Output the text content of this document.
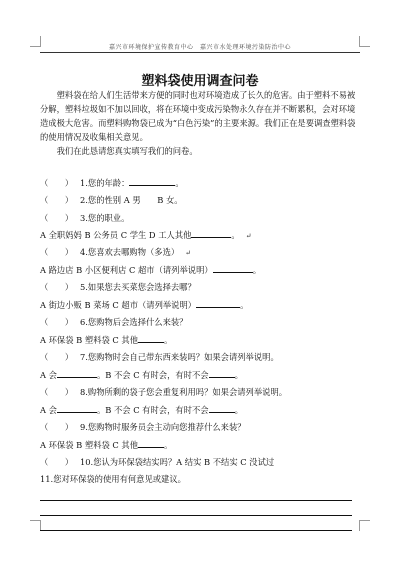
嘉兴市环境保护宣传教育中心　嘉兴市水处理环境污染防治中心
塑料袋使用调查问卷

塑料袋在给人们生活带来方便的同时也对环境造成了长久的危害。由于塑料不易被分解，塑料垃圾如不加以回收，将在环境中变成污染物永久存在并不断累积，会对环境造成极大危害。而塑料购物袋已成为“白色污染”的主要来源。我们正在是要调查塑料袋的使用情况及收集相关意见。

我们在此恳请您真实填写我们的问卷。

（　　） 1.您的年龄：	。
（　　） 2.您的性别 A 男　　B 女。
（　　） 3.您的职业。
A 全职妈妈 B 公务员 C 学生 D 工人其他	。 ↵
（　　） 4.您喜欢去哪购物（多选） ↵
A 路边店 B 小区便利店 C 超市（请列举说明）	。
（　　） 5.如果您去买菜您会选择去哪？
A 街边小贩 B 菜场 C 超市（请列举说明）	。
（　　） 6.您购物后会选择什么来装？
A 环保袋 B 塑料袋 C 其他	。
（　　） 7.您购物时会自己带东西来装吗？如果会请列举说明。
A 会	。B 不会 C 有时会，有时不会	。
（　　） 8.购物所剩的袋子您会重复利用吗？如果会请列举说明。
A 会	。B 不会 C 有时会，有时不会	。
（　　） 9.您购物时服务员会主动向您推荐什么来装？
A 环保袋 B 塑料袋 C 其他	。
（　　） 10.您认为环保袋结实吗？A 结实 B 不结实 C 没试过
11.您对环保袋的使用有何意见或建议。
